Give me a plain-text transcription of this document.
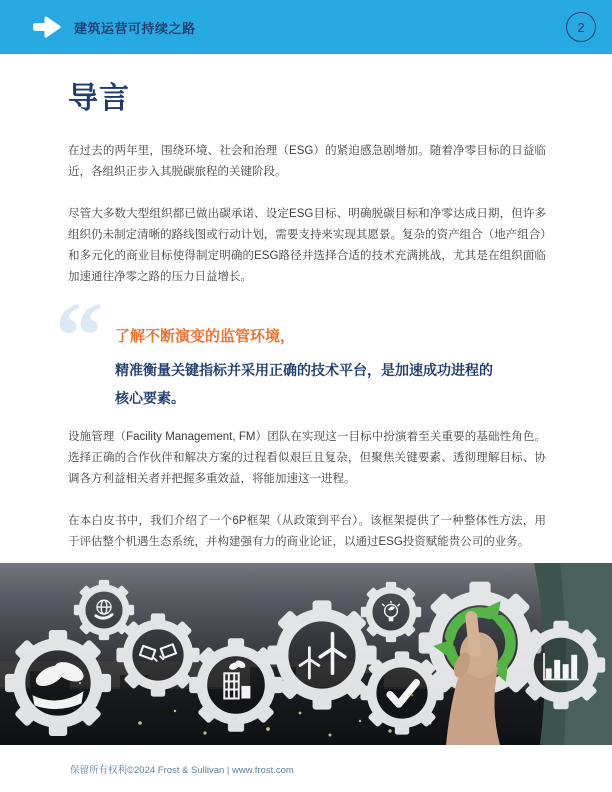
建筑运营可持续之路	2
导言

在过去的两年里，围绕环境、社会和治理（ESG）的紧迫感急剧增加。随着净零目标的日益临近，各组织正步入其脱碳旅程的关键阶段。

尽管大多数大型组织都已做出碳承诺、设定ESG目标、明确脱碳目标和净零达成日期，但许多组织仍未制定清晰的路线图或行动计划，需要支持来实现其愿景。复杂的资产组合（地产组合）和多元化的商业目标使得制定明确的ESG路径并选择合适的技术充满挑战，尤其是在组织面临加速通往净零之路的压力日益增长。

“ 了解不断演变的监管环境，

精准衡量关键指标并采用正确的技术平台，是加速成功进程的核心要素。

设施管理（Facility Management, FM）团队在实现这一目标中扮演着至关重要的基础性角色。选择正确的合作伙伴和解决方案的过程看似艰巨且复杂，但聚焦关键要素、透彻理解目标、协调各方利益相关者并把握多重效益，将能加速这一进程。

在本白皮书中，我们介绍了一个6P框架（从政策到平台）。该框架提供了一种整体性方法，用于评估整个机遇生态系统，并构建强有力的商业论证，以通过ESG投资赋能贵公司的业务。

保留所有权利©2024 Frost & Sullivan | www.frost.com
